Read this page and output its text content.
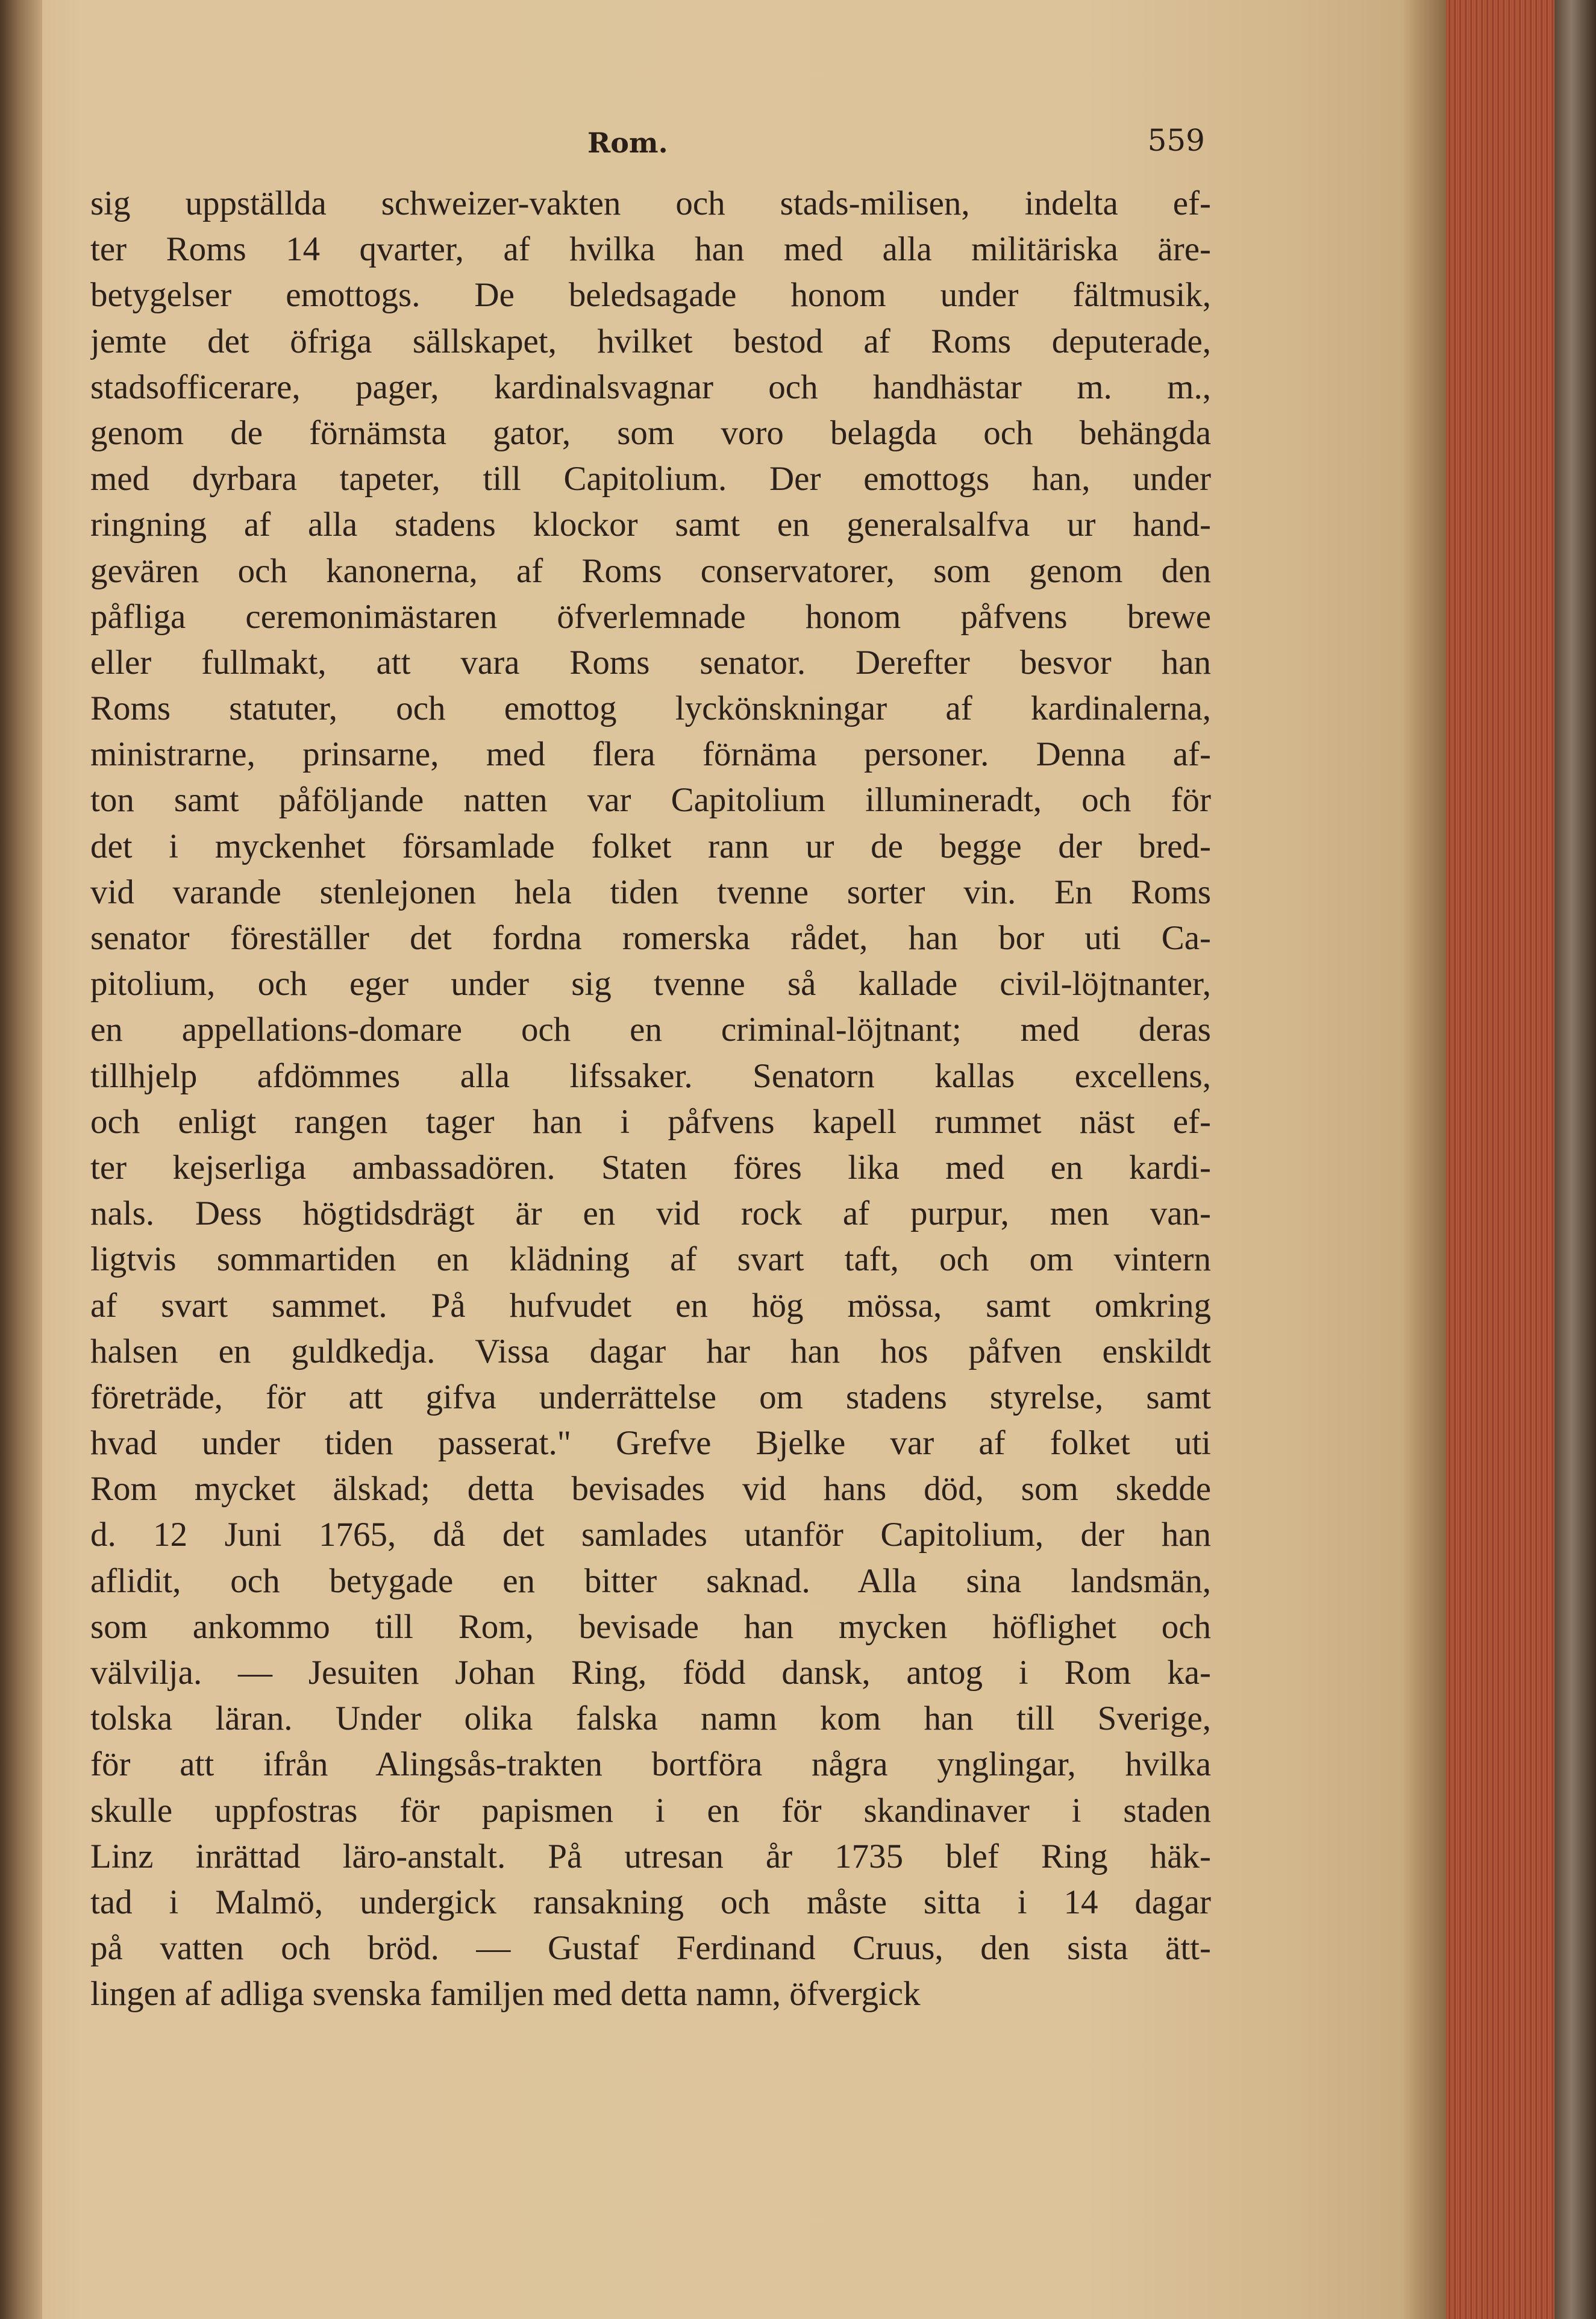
Rom.	559
sig uppställda schweizer-vakten och stads-milisen, indelta ef-
ter Roms 14 qvarter, af hvilka han med alla militäriska äre-
betygelser emottogs. De beledsagade honom under fältmusik,
jemte det öfriga sällskapet, hvilket bestod af Roms deputerade,
stadsofficerare, pager, kardinalsvagnar och handhästar m. m.,
genom de förnämsta gator, som voro belagda och behängda
med dyrbara tapeter, till Capitolium. Der emottogs han, under
ringning af alla stadens klockor samt en generalsalfva ur hand-
gevären och kanonerna, af Roms conservatorer, som genom den
påfliga ceremonimästaren öfverlemnade honom påfvens brewe
eller fullmakt, att vara Roms senator. Derefter besvor han
Roms statuter, och emottog lyckönskningar af kardinalerna,
ministrarne, prinsarne, med flera förnäma personer. Denna af-
ton samt påföljande natten var Capitolium illumineradt, och för
det i myckenhet församlade folket rann ur de begge der bred-
vid varande stenlejonen hela tiden tvenne sorter vin. En Roms
senator föreställer det fordna romerska rådet, han bor uti Ca-
pitolium, och eger under sig tvenne så kallade civil-löjtnanter,
en appellations-domare och en criminal-löjtnant; med deras
tillhjelp afdömmes alla lifssaker. Senatorn kallas excellens,
och enligt rangen tager han i påfvens kapell rummet näst ef-
ter kejserliga ambassadören. Staten föres lika med en kardi-
nals. Dess högtidsdrägt är en vid rock af purpur, men van-
ligtvis sommartiden en klädning af svart taft, och om vintern
af svart sammet. På hufvudet en hög mössa, samt omkring
halsen en guldkedja. Vissa dagar har han hos påfven enskildt
företräde, för att gifva underrättelse om stadens styrelse, samt
hvad under tiden passerat." Grefve Bjelke var af folket uti
Rom mycket älskad; detta bevisades vid hans död, som skedde
d. 12 Juni 1765, då det samlades utanför Capitolium, der han
aflidit, och betygade en bitter saknad. Alla sina landsmän,
som ankommo till Rom, bevisade han mycken höflighet och
välvilja. — Jesuiten Johan Ring, född dansk, antog i Rom ka-
tolska läran. Under olika falska namn kom han till Sverige,
för att ifrån Alingsås-trakten bortföra några ynglingar, hvilka
skulle uppfostras för papismen i en för skandinaver i staden
Linz inrättad läro-anstalt. På utresan år 1735 blef Ring häk-
tad i Malmö, undergick ransakning och måste sitta i 14 dagar
på vatten och bröd. — Gustaf Ferdinand Cruus, den sista ätt-
lingen af adliga svenska familjen med detta namn, öfvergick
